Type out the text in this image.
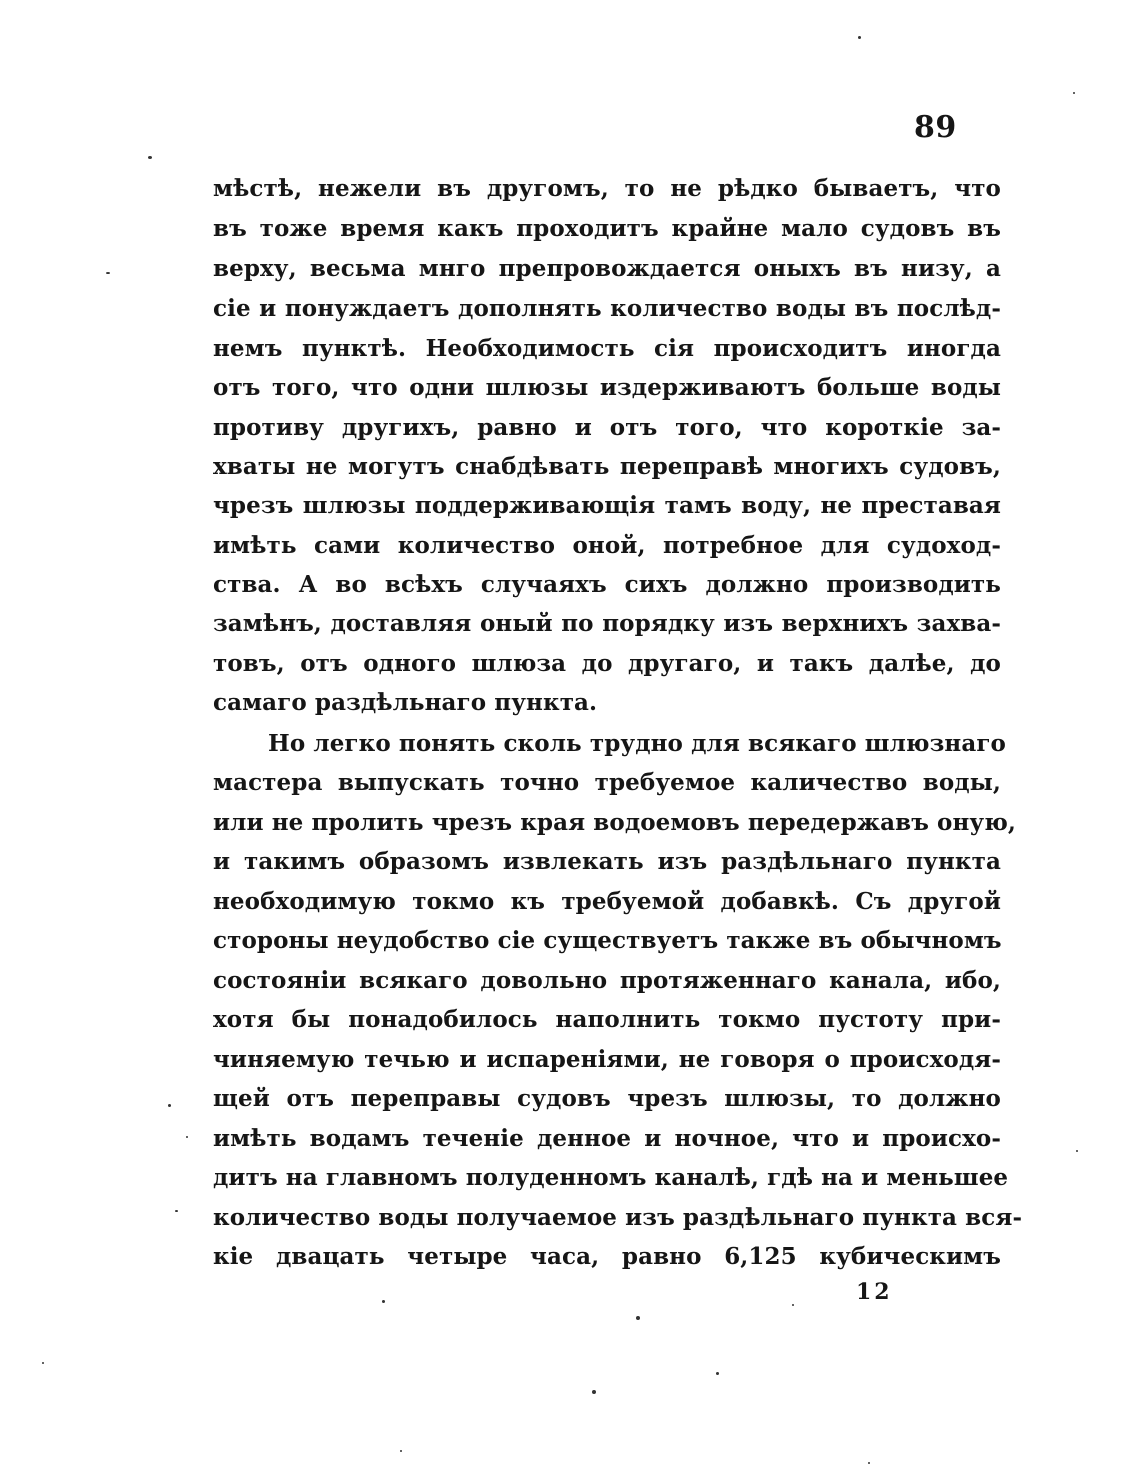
89
мѣстѣ, нежели въ другомъ, то не рѣдко бываетъ, что
въ тоже время какъ проходитъ крайне мало судовъ въ
верху, весьма мнго препровождается оныхъ въ низу, а
сіе и понуждаетъ дополнять количество воды въ послѣд-
немъ пунктѣ. Необходимость сія происходитъ иногда
отъ того, что одни шлюзы издерживаютъ больше воды
противу другихъ, равно и отъ того, что короткіе за-
хваты не могутъ снабдѣвать переправѣ многихъ судовъ,
чрезъ шлюзы поддерживающія тамъ воду, не преставая
имѣть сами количество оной, потребное для судоход-
ства. А во всѣхъ случаяхъ сихъ должно производить
замѣнъ, доставляя оный по порядку изъ верхнихъ захва-
товъ, отъ одного шлюза до другаго, и такъ далѣе, до
самаго раздѣльнаго пункта.
Но легко понять сколь трудно для всякаго шлюзнаго
мастера выпускать точно требуемое каличество воды,
или не пролить чрезъ края водоемовъ передержавъ оную,
и такимъ образомъ извлекать изъ раздѣльнаго пункта
необходимую токмо къ требуемой добавкѣ. Съ другой
стороны неудобство сіе существуетъ также въ обычномъ
состояніи всякаго довольно протяженнаго канала, ибо,
хотя бы понадобилось наполнить токмо пустоту при-
чиняемую течью и испареніями, не говоря о происходя-
щей отъ переправы судовъ чрезъ шлюзы, то должно
имѣть водамъ теченіе денное и ночное, что и происхо-
дитъ на главномъ полуденномъ каналѣ, гдѣ на и меньшее
количество воды получаемое изъ раздѣльнаго пункта вся-
кіе двацать четыре часа, равно 6,125 кубическимъ
12
